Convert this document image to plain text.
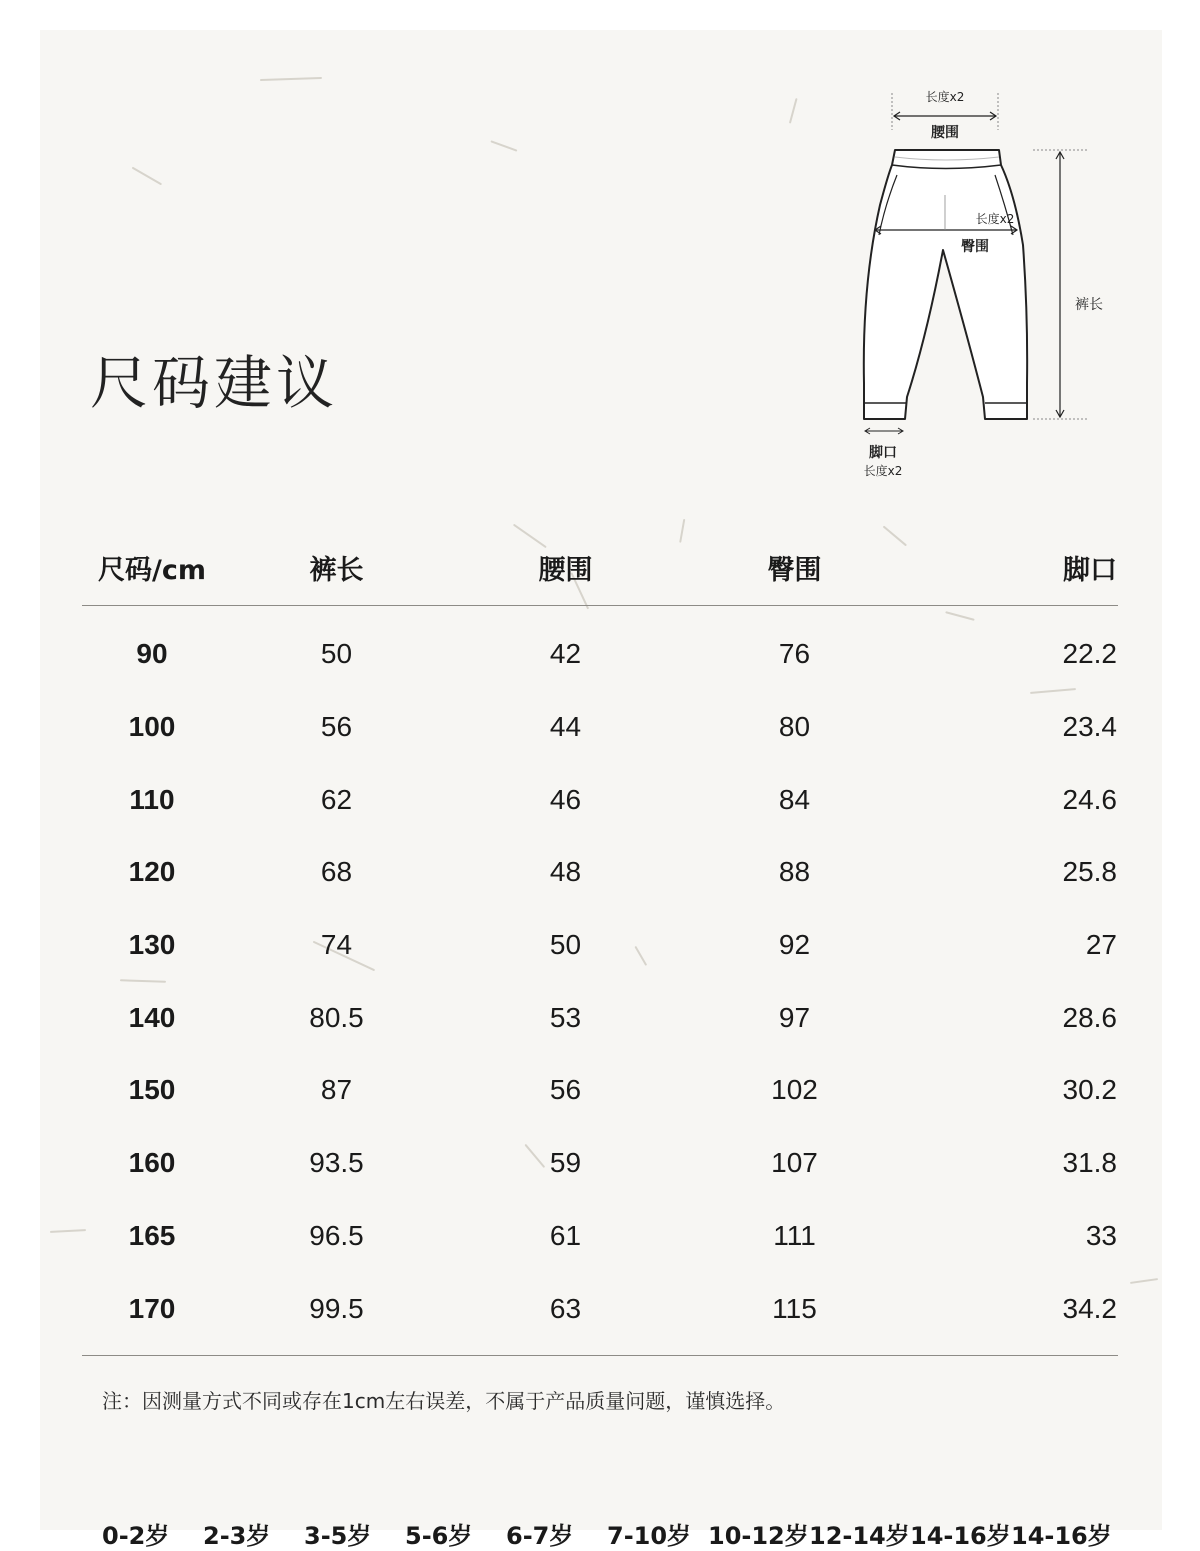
尺码建议
长度x2
腰围
长度x2
臀围
裤长
脚口
长度x2
尺码/cm	裤长	腰围	臀围	脚口
90	50	42	76	22.2
100	56	44	80	23.4
110	62	46	84	24.6
120	68	48	88	25.8
130	74	50	92	27
140	80.5	53	97	28.6
150	87	56	102	30.2
160	93.5	59	107	31.8
165	96.5	61	111	33
170	99.5	63	115	34.2
注：因测量方式不同或存在1cm左右误差，不属于产品质量问题，谨慎选择。
0-2岁	2-3岁	3-5岁	5-6岁	6-7岁	7-10岁 10-12岁 12-14岁 14-16岁 14-16岁
